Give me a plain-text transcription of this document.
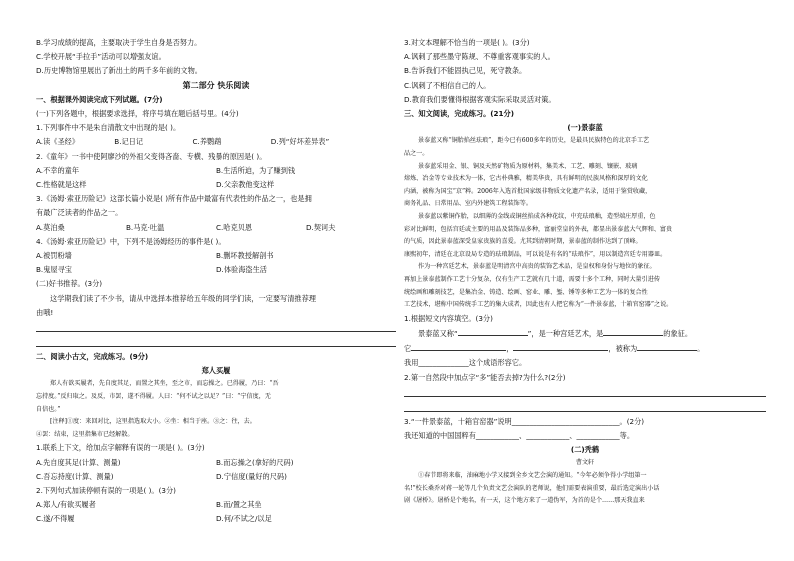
B.学习成绩的提高，主要取决于学生自身是否努力。
C.学校开展“手拉手”活动可以增强友谊。
D.历史博物馆里展出了新出土的两千多年前的文物。
第二部分 快乐阅读
一、根据课外阅读完成下列试题。(7分)
(一)下列各题中，根据要求选择，将序号填在题后括号里。(4分)
1.下列事件中不是朱自清散文中出现的是( )。
A.读《圣经》	B.记日记	C.养鹦鹉	D.列“好坏差异表”
2.《童年》一书中使阿廖沙的外祖父变得吝啬、专横、残暴的原因是( )。
A.不幸的童年	B.生活所迫，为了赚到钱
C.性格就是这样	D.父亲教他变这样
3.《汤姆·索亚历险记》这部长篇小说是( )所有作品中最富有代表性的作品之一，也是拥
有最广泛读者的作品之一。
A.莫泊桑	B.马克·吐温	C.哈克贝恩	D.契诃夫
4.《汤姆·索亚历险记》中，下列不是汤姆经历的事件是( )。
A.被罚粉墙	B.删坏教授解剖书
B.鬼屋寻宝	D.体验海盗生活
(二)好书推荐。(3分)
这学期我们读了不少书，请从中选择本推荐给五年级的同学们读，一定要写清推荐理
由哦!
二、阅读小古文，完成练习。(9分)
郑人买履
郑人有欲买履者，先自度其足，而置之其坐，至之市，而忘操之。已得履，乃曰：“吾
忘持度。”反归取之。及反，市罢，遂不得履。人曰：“何不试之以足？”曰：“宁信度，无
自信也。”
[注释]①度：来回对比，这里指选取大小。②坐：相当于座。③之：往，去。
④罢：结束，这里指集市已经解散。
1.联系上下文，给加点字解释有误的一项是( )。(3分)
A.先自度其足(计算、测量)	B.而忘操之(拿好的尺码)
C.吾忘持度(计算、测量)	D.宁信度(量好的尺码)
2.下列句式加读停顿有误的一项是( )。(3分)
A.郑人/有欲买履者	B.而/置之其坐
C.遂/不得履	D.何/不试之/以足
3.对文本理解不恰当的一项是( )。(3分)
A.讽刺了那些墨守陈规、不尊重客观事实的人。
B.告诉我们不能固执己见，死守教条。
C.讽刺了不相信自己的人。
D.教育我们要懂得根据客观实际采取灵活对策。
三、知文阅读，完成练习。(21分)
(一)景泰蓝
景泰蓝又称“铜胎掐丝珐琅”，距今已有600多年的历史，是最具民族特色的北京手工艺
品之一。
景泰蓝采用金、银、铜及天然矿物质为原材料，集美术、工艺、雕刻、镶嵌、玻璃
熔炼、冶金等专业技术为一体，它古朴典雅，精美华贵，具有鲜明的民族风格和深厚的文化
内涵，被称为国宝“京”粹。2006年入选首批国家级非物质文化遗产名录，适用于鉴赏收藏，
商务礼品、日常用品、室内外建筑工程装饰等。
景泰蓝以紫铜作胎，以细薄的金线或铜丝掐成各种花纹，中充珐琅釉，造型端庄厚重，色
彩对比鲜明，包括宫廷或主要的用品及装饰品多种，富丽堂皇的外表，都显出景泰蓝大气辉和、富贵
的气质，因此景泰蓝深受皇家贵族的喜爱。尤其到清朝时期，景泰蓝的制作达到了顶峰。
康熙初年，清廷在北京设局专造的珐琅制品，可以说是有名的“珐琅作”，用以制造宫廷专用器皿。
作为一种宫廷艺术，景泰蓝是明清宫中高贵的装饰艺术品，是皇权和身份与地位的象征。
再加上景泰蓝制作工艺十分复杂，仅有生产工艺就有几十道，需要十多个工种，同时大量引进传
统绘画和雕刻技艺，是集冶金、铸造、绘画、窑业、雕、錾、锤等多种工艺为一体的复合性
工艺技术，堪称中国传统手工艺的集大成者，因此也有人把它称为“一件景泰蓝，十箱官窑器”之说。
1.根据短文内容填空。(3分)
景泰蓝又称“	”，是一种宫廷艺术，是	的象征。
它	，	，被称为	。
我用______________这个成语形容它。
2.第一自然段中加点字“多”能否去掉?为什么?(2分)
3.“一件景泰蓝，十箱官窑器”说明______________________________。(2分)
我还知道的中国国粹有____________、____________、____________等。
(二)秃鹤
曹文轩
①春节即将来临，油麻地小学又接到全乡文艺会演的通知。“今年必须争得小学组第一
名!”校长桑乔对蒋一轮等几个负责文艺会演队的老师说，他们需要表演重要，最后选定演出小话
剧《屠桥》。屠桥是个地名，有一天，这个地方来了一道伪军，为首的是个……那天我直来
